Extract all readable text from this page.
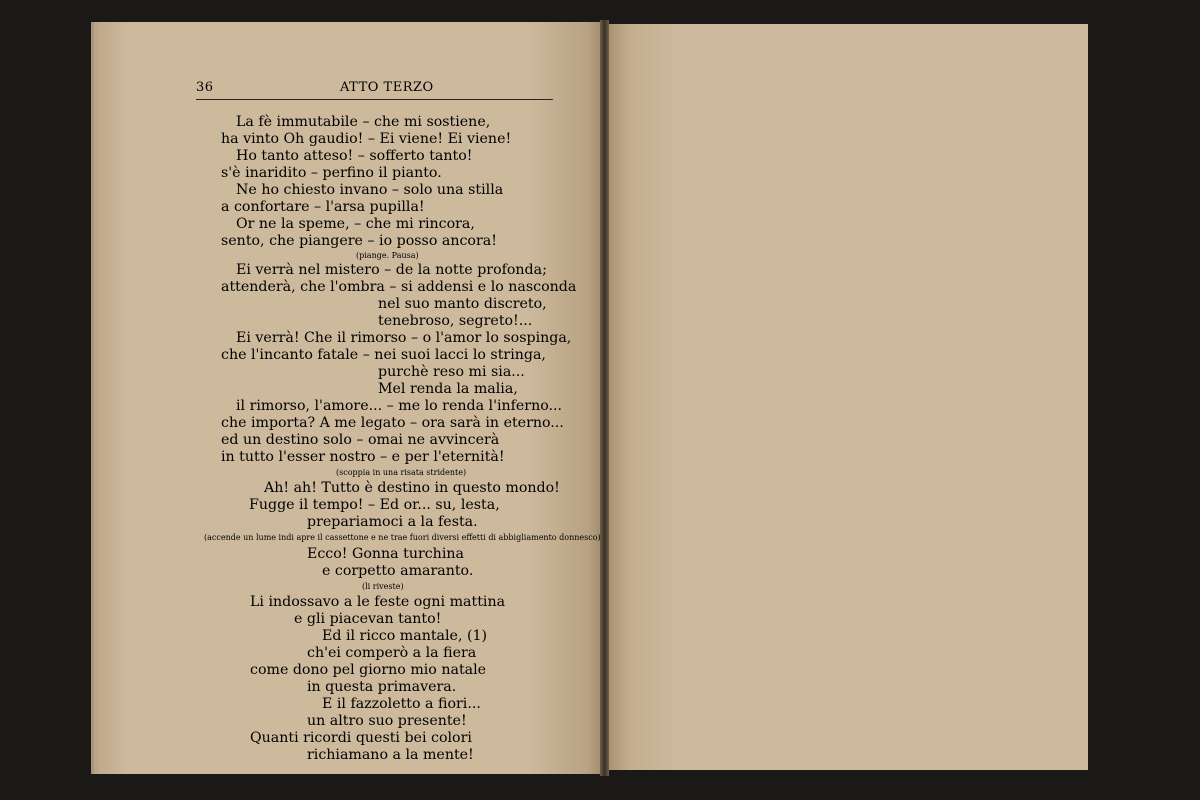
36	ATTO TERZO
La fè immutabile – che mi sostiene,
ha vinto Oh gaudio! – Ei viene! Ei viene!
Ho tanto atteso! – sofferto tanto!
s'è inaridito – perfino il pianto.
Ne ho chiesto invano – solo una stilla
a confortare – l'arsa pupilla!
Or ne la speme, – che mi rincora,
sento, che piangere – io posso ancora!
(piange. Pausa)
Ei verrà nel mistero – de la notte profonda;
attenderà, che l'ombra – si addensi e lo nasconda
nel suo manto discreto,
tenebroso, segreto!...
Ei verrà! Che il rimorso – o l'amor lo sospinga,
che l'incanto fatale – nei suoi lacci lo stringa,
purchè reso mi sia...
Mel renda la malia,
il rimorso, l'amore... – me lo renda l'inferno...
che importa? A me legato – ora sarà in eterno...
ed un destino solo – omai ne avvincerà
in tutto l'esser nostro – e per l'eternità!
(scoppia in una risata stridente)
Ah! ah! Tutto è destino in questo mondo!
Fugge il tempo! – Ed or... su, lesta,
prepariamoci a la festa.
(accende un lume indi apre il cassettone e ne trae fuori diversi effetti di abbigliamento donnesco)
Ecco! Gonna turchina
e corpetto amaranto.
(li riveste)
Li indossavo a le feste ogni mattina
e gli piacevan tanto!
Ed il ricco mantale, (1)
ch'ei comperò a la fiera
come dono pel giorno mio natale
in questa primavera.
E il fazzoletto a fiori...
un altro suo presente!
Quanti ricordi questi bei colori
richiamano a la mente!
